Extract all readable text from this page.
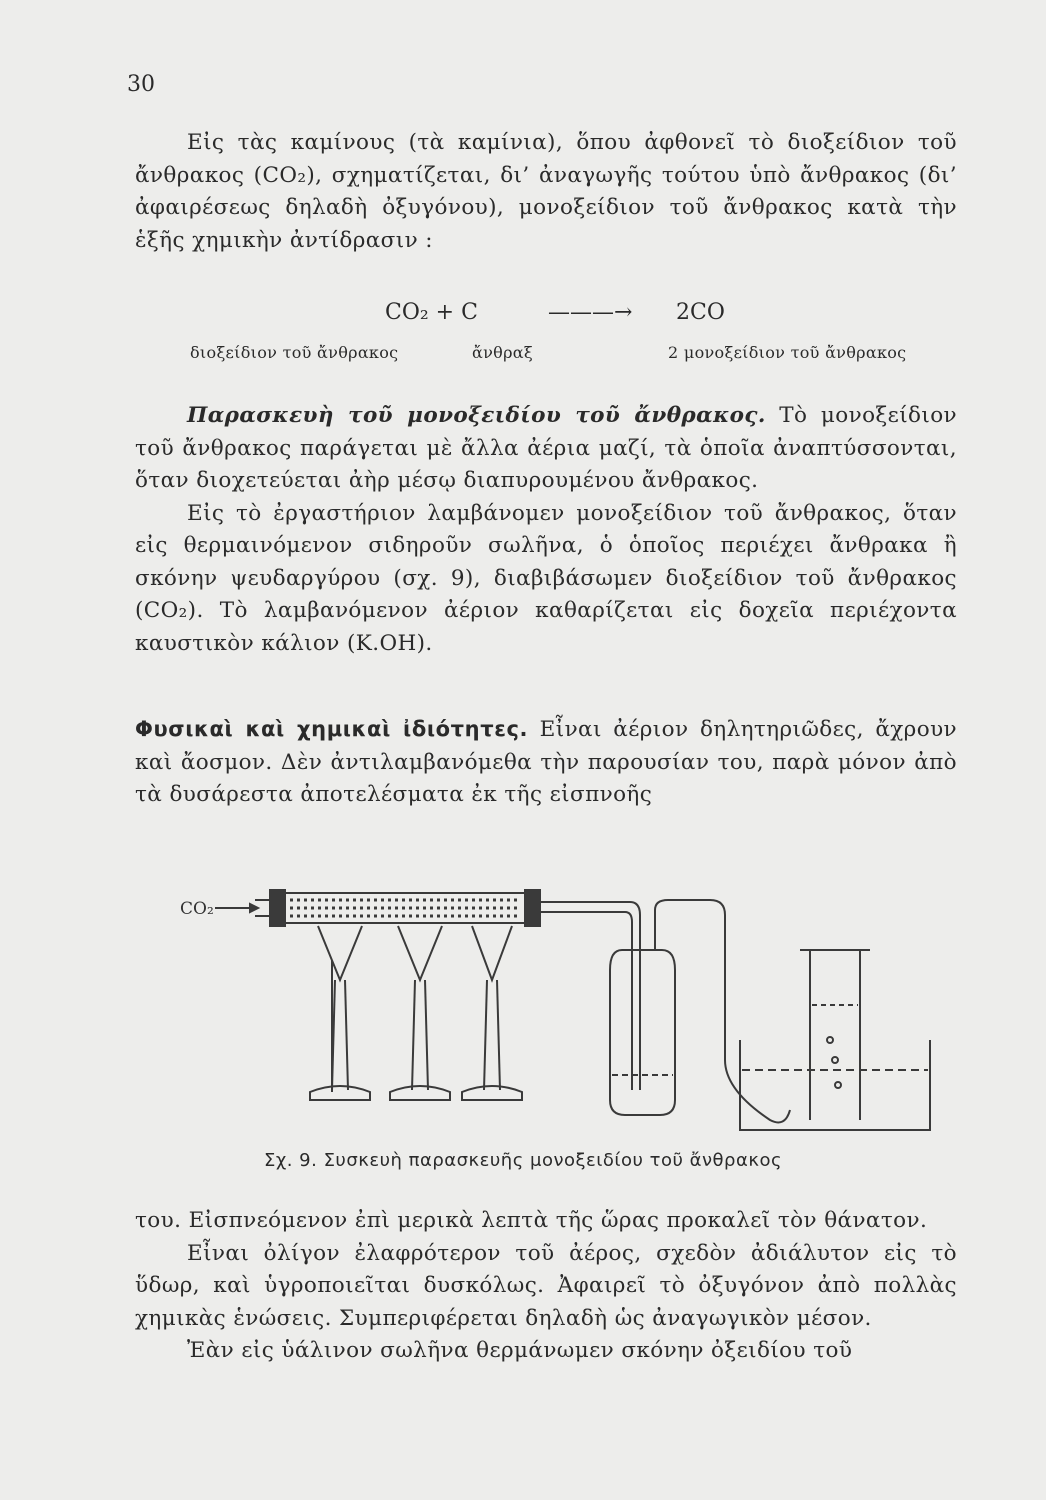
30

Εἰς τὰς καμίνους (τὰ καμίνια), ὅπου ἀφθονεῖ τὸ διοξείδιον τοῦ ἄνθρακος (CO₂), σχηματίζεται, δι’ ἀναγωγῆς τούτου ὑπὸ ἄνθρακος (δι’ ἀφαιρέσεως δηλαδὴ ὀξυγόνου), μονοξείδιον τοῦ ἄνθρακος κατὰ τὴν ἑξῆς χημικὴν ἀντίδρασιν :

CO₂ + C	———→ 2CO
διοξείδιον τοῦ ἄνθρακος	ἄνθραξ	2 μονοξείδιον τοῦ ἄνθρακος

Παρασκευὴ τοῦ μονοξειδίου τοῦ ἄνθρακος. Τὸ μονοξείδιον τοῦ ἄνθρακος παράγεται μὲ ἄλλα ἀέρια μαζί, τὰ ὁποῖα ἀναπτύσσονται, ὅταν διοχετεύεται ἀὴρ μέσῳ διαπυρουμένου ἄνθρακος.

Εἰς τὸ ἐργαστήριον λαμβάνομεν μονοξείδιον τοῦ ἄνθρακος, ὅταν εἰς θερμαινόμενον σιδηροῦν σωλῆνα, ὁ ὁποῖος περιέχει ἄνθρακα ἢ σκόνην ψευδαργύρου (σχ. 9), διαβιβάσωμεν διοξείδιον τοῦ ἄνθρακος (CO₂). Τὸ λαμβανόμενον ἀέριον καθαρίζεται εἰς δοχεῖα περιέχοντα καυστικὸν κάλιον (K.OH).

Φυσικαὶ καὶ χημικαὶ ἰδιότητες. Εἶναι ἀέριον δηλητηριῶδες, ἄχρουν καὶ ἄοσμον. Δὲν ἀντιλαμβανόμεθα τὴν παρουσίαν του, παρὰ μόνον ἀπὸ τὰ δυσάρεστα ἀποτελέσματα ἐκ τῆς εἰσπνοῆς

CO₂
Σχ. 9. Συσκευὴ παρασκευῆς μονοξειδίου τοῦ ἄνθρακος

του. Εἰσπνεόμενον ἐπὶ μερικὰ λεπτὰ τῆς ὥρας προκαλεῖ τὸν θάνατον.

Εἶναι ὀλίγον ἐλαφρότερον τοῦ ἀέρος, σχεδὸν ἀδιάλυτον εἰς τὸ ὕδωρ, καὶ ὑγροποιεῖται δυσκόλως. Ἀφαιρεῖ τὸ ὀξυγόνον ἀπὸ πολλὰς χημικὰς ἑνώσεις. Συμπεριφέρεται δηλαδὴ ὡς ἀναγωγικὸν μέσον.

Ἐὰν εἰς ὑάλινον σωλῆνα θερμάνωμεν σκόνην ὀξειδίου τοῦ
